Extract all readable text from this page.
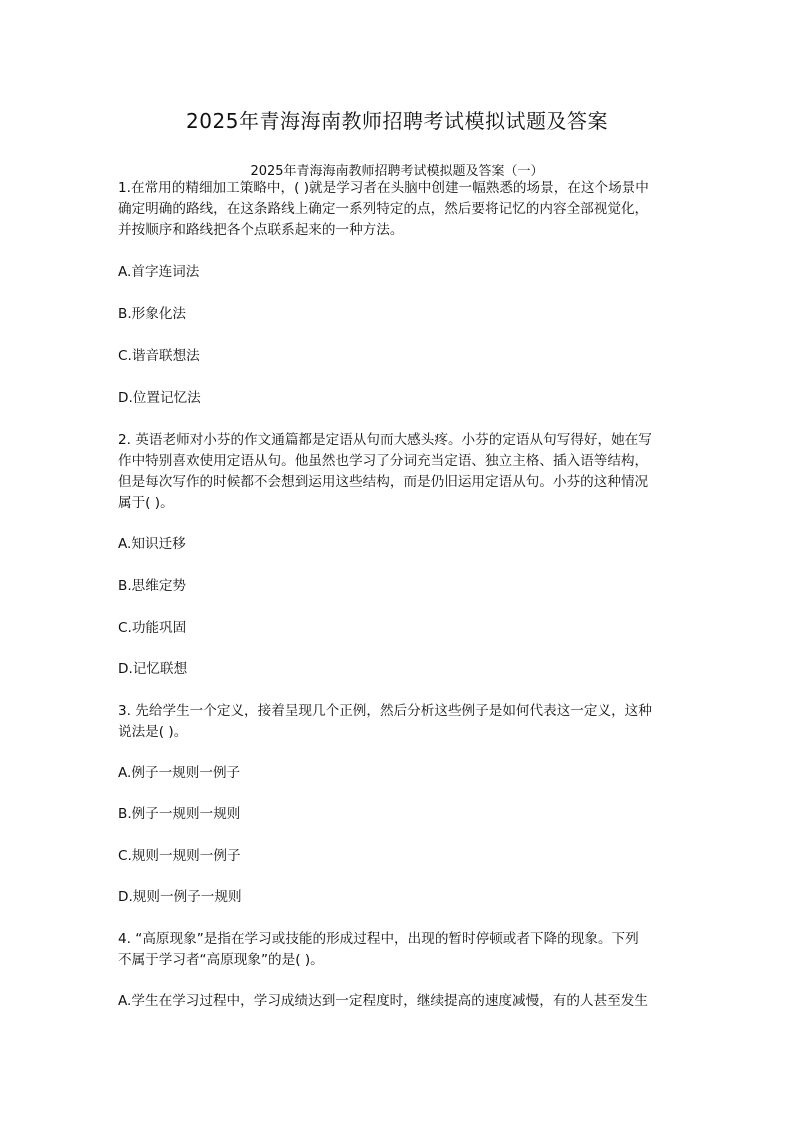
2025年青海海南教师招聘考试模拟试题及答案
2025年青海海南教师招聘考试模拟题及答案（一）
1.在常用的精细加工策略中，( )就是学习者在头脑中创建一幅熟悉的场景，在这个场景中
确定明确的路线，在这条路线上确定一系列特定的点，然后要将记忆的内容全部视觉化，
并按顺序和路线把各个点联系起来的一种方法。
A.首字连词法
B.形象化法
C.谐音联想法
D.位置记忆法
2. 英语老师对小芬的作文通篇都是定语从句而大感头疼。小芬的定语从句写得好，她在写
作中特别喜欢使用定语从句。他虽然也学习了分词充当定语、独立主格、插入语等结构，
但是每次写作的时候都不会想到运用这些结构，而是仍旧运用定语从句。小芬的这种情况
属于( )。
A.知识迁移
B.思维定势
C.功能巩固
D.记忆联想
3. 先给学生一个定义，接着呈现几个正例，然后分析这些例子是如何代表这一定义，这种
说法是( )。
A.例子一规则一例子
B.例子一规则一规则
C.规则一规则一例子
D.规则一例子一规则
4. “高原现象”是指在学习或技能的形成过程中，出现的暂时停顿或者下降的现象。下列
不属于学习者“高原现象”的是( )。
A.学生在学习过程中，学习成绩达到一定程度时，继续提高的速度减慢，有的人甚至发生
